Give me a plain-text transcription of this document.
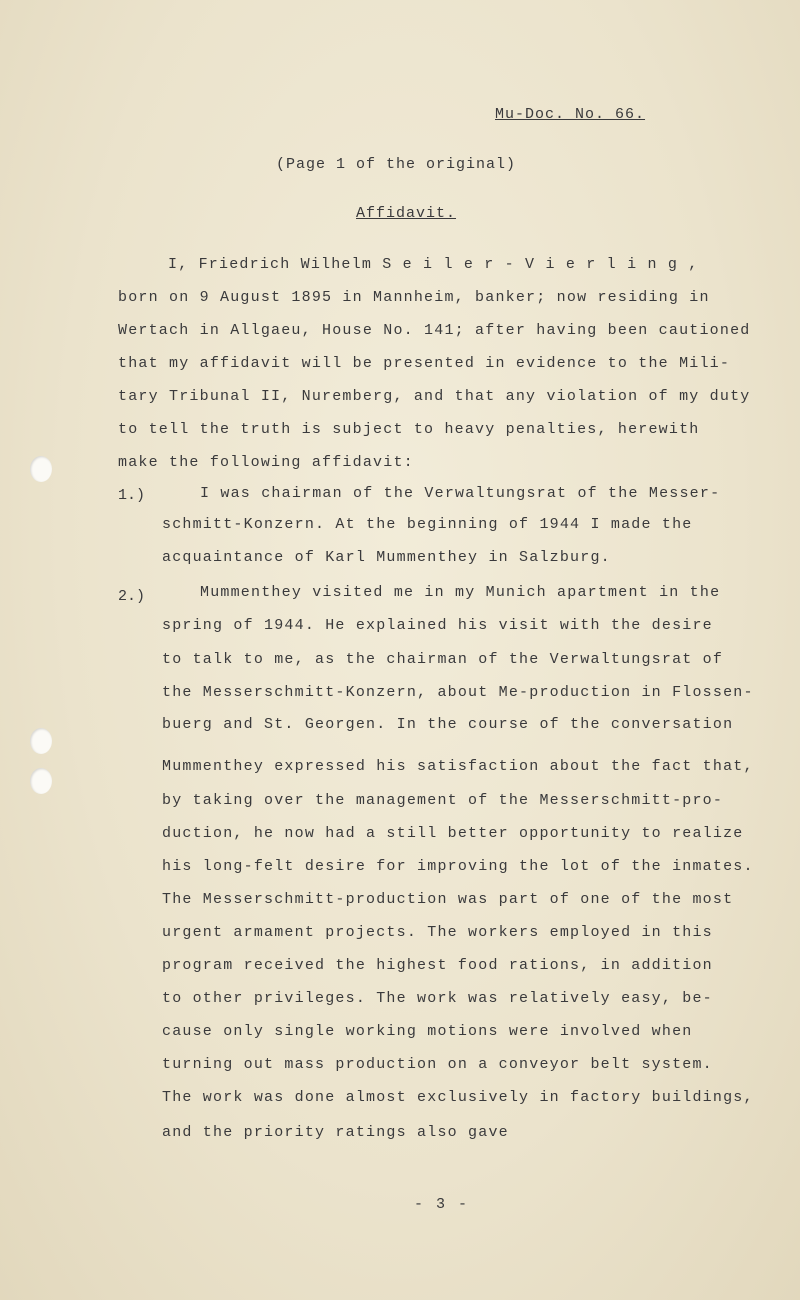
Mu-Doc. No. 66.
(Page 1 of the original)
Affidavit.
I, Friedrich Wilhelm S e i l e r - V i e r l i n g ,
born on 9 August 1895 in Mannheim, banker; now residing in
Wertach in Allgaeu, House No. 141; after having been cautioned
that my affidavit will be presented in evidence to the Mili-
tary Tribunal II, Nuremberg, and that any violation of my duty
to tell the truth is subject to heavy penalties, herewith
make the following affidavit:
1.)	I was chairman of the Verwaltungsrat of the Messer-
schmitt-Konzern. At the beginning of 1944 I made the
acquaintance of Karl Mummenthey in Salzburg.
2.)	Mummenthey visited me in my Munich apartment in the
spring of 1944. He explained his visit with the desire
to talk to me, as the chairman of the Verwaltungsrat of
the Messerschmitt-Konzern, about Me-production in Flossen-
buerg and St. Georgen. In the course of the conversation
Mummenthey expressed his satisfaction about the fact that,
by taking over the management of the Messerschmitt-pro-
duction, he now had a still better opportunity to realize
his long-felt desire for improving the lot of the inmates.
The Messerschmitt-production was part of one of the most
urgent armament projects. The workers employed in this
program received the highest food rations, in addition
to other privileges. The work was relatively easy, be-
cause only single working motions were involved when
turning out mass production on a conveyor belt system.
The work was done almost exclusively in factory buildings,
and the priority ratings also gave
- 3 -
